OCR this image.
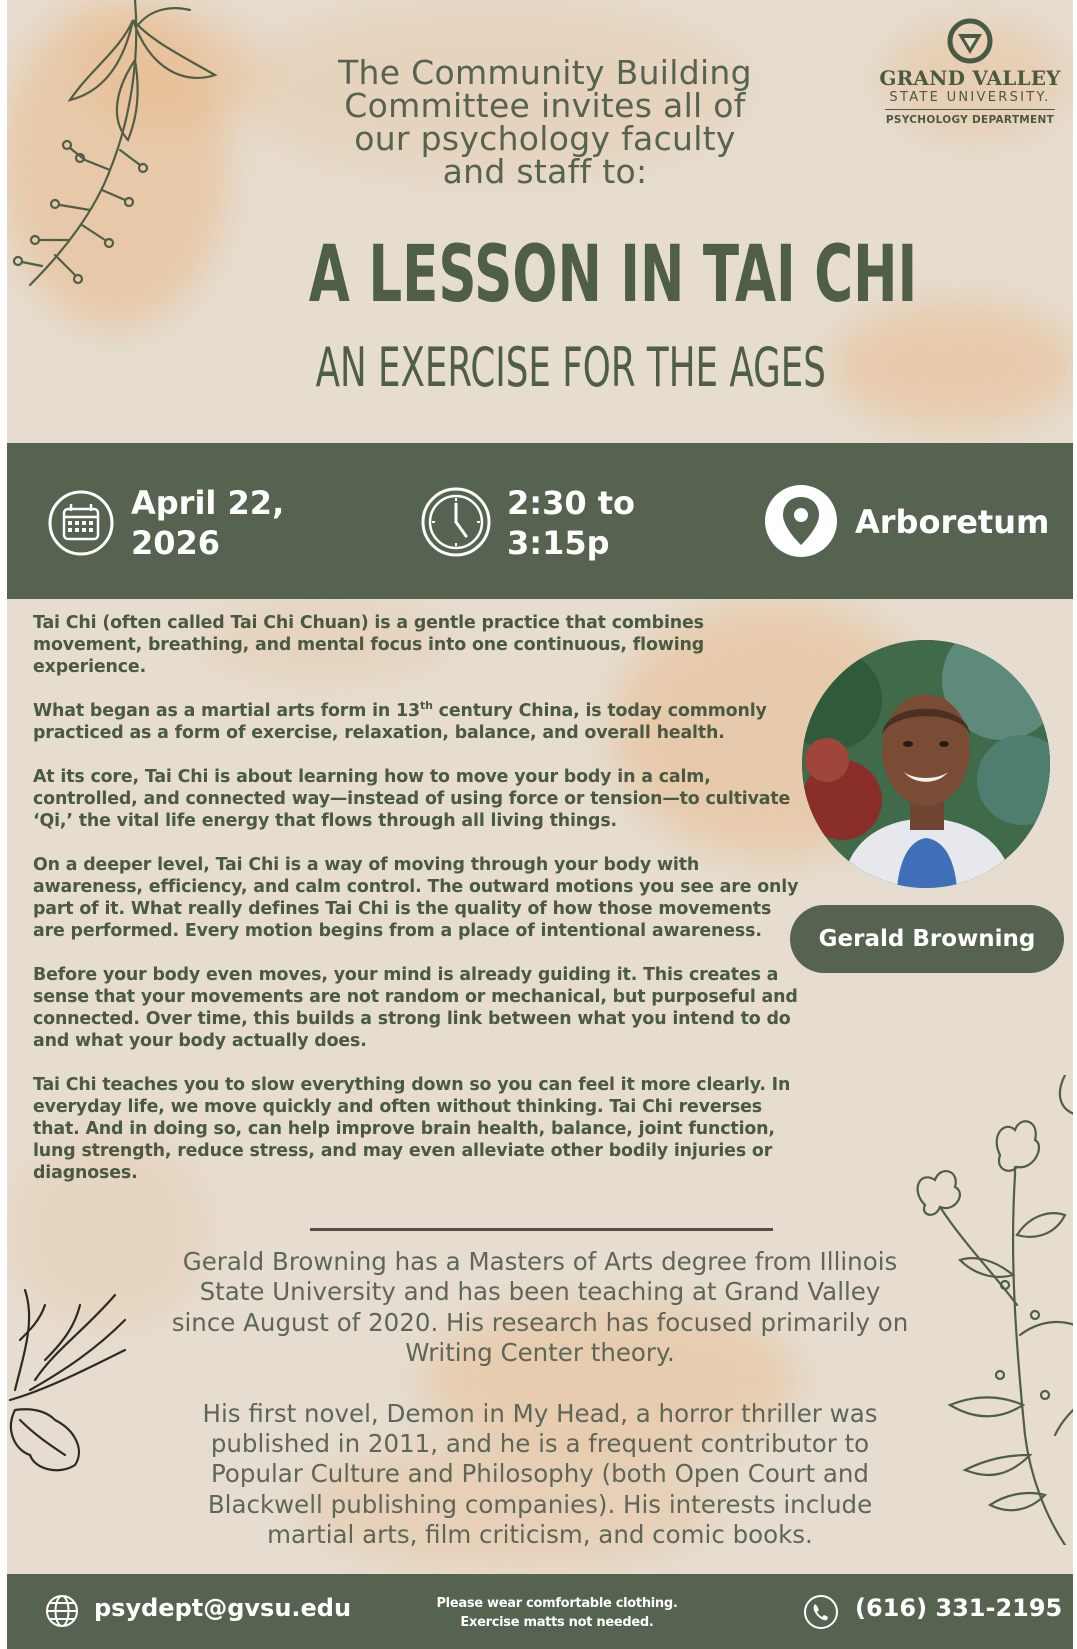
The Community Building
Committee invites all of
our psychology faculty
and staff to:
GRAND VALLEY
STATE UNIVERSITY.
PSYCHOLOGY DEPARTMENT
A LESSON IN TAI CHI
AN EXERCISE FOR THE AGES
April 22,
2026
2:30 to
3:15p
Arboretum

Tai Chi (often called Tai Chi Chuan) is a gentle practice that combines movement, breathing, and mental focus into one continuous, flowing experience.

What began as a martial arts form in 13th century China, is today commonly practiced as a form of exercise, relaxation, balance, and overall health.

At its core, Tai Chi is about learning how to move your body in a calm, controlled, and connected way—instead of using force or tension—to cultivate ‘Qi,’ the vital life energy that flows through all living things.

On a deeper level, Tai Chi is a way of moving through your body with awareness, efficiency, and calm control. The outward motions you see are only part of it. What really defines Tai Chi is the quality of how those movements are performed. Every motion begins from a place of intentional awareness.

Before your body even moves, your mind is already guiding it. This creates a sense that your movements are not random or mechanical, but purposeful and connected. Over time, this builds a strong link between what you intend to do and what your body actually does.

Tai Chi teaches you to slow everything down so you can feel it more clearly. In everyday life, we move quickly and often without thinking. Tai Chi reverses that. And in doing so, can help improve brain health, balance, joint function, lung strength, reduce stress, and may even alleviate other bodily injuries or diagnoses.

Gerald Browning

Gerald Browning has a Masters of Arts degree from Illinois State University and has been teaching at Grand Valley since August of 2020. His research has focused primarily on Writing Center theory.

His first novel, Demon in My Head, a horror thriller was published in 2011, and he is a frequent contributor to Popular Culture and Philosophy (both Open Court and Blackwell publishing companies). His interests include martial arts, film criticism, and comic books.

psydept@gvsu.edu	Please wear comfortable clothing.
Exercise matts not needed.
(616) 331-2195
